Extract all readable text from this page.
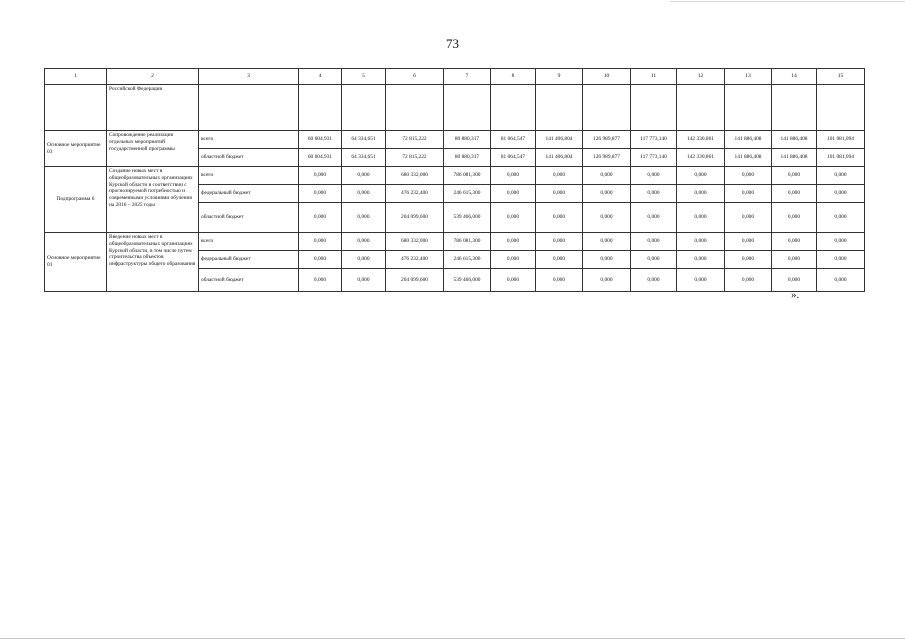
73
1	2	3	4	5	6	7	8	9	10	11	12	13	14	15
	Российской Федерации													
Основное мероприятие 03	Сопровождение реализации отдельных мероприятий государственной программы	всего	60 604,931	64 334,651	72 815,222	80 880,317	81 064,547	141 406,804	126 989,877	117 773,140	142 330,861	141 886,408	141 886,408	101 081,094
		областной бюджет	60 604,931	64 334,651	72 815,222	80 880,317	81 064,547	141 406,804	126 989,877	117 773,140	142 330,861	141 886,408	141 886,408	101 081,094
Подпрограмма 6	Создание новых мест в общеобразовательных организациях Курской области в соответствии с прогнозируемой потребностью и современными условиями обучения на 2016 – 2025 годы	всего	0,000	0,000	680 332,000	786 081,300	0,000	0,000	0,000	0,000	0,000	0,000	0,000	0,000
		федеральный бюджет	0,000	0,000	476 232,400	246 615,300	0,000	0,000	0,000	0,000	0,000	0,000	0,000	0,000
		областной бюджет	0,000	0,000	204 099,600	539 466,000	0,000	0,000	0,000	0,000	0,000	0,000	0,000	0,000
Основное мероприятие 01	Введение новых мест в общеобразовательных организациях Курской области, в том числе путем строительства объектов инфраструктуры общего образования	всего	0,000	0,000	680 332,000	786 081,300	0,000	0,000	0,000	0,000	0,000	0,000	0,000	0,000
		федеральный бюджет	0,000	0,000	476 232,400	246 615,300	0,000	0,000	0,000	0,000	0,000	0,000	0,000	0,000
		областной бюджет	0,000	0,000	204 099,600	539 466,000	0,000	0,000	0,000	0,000	0,000	0,000	0,000	0,000
».
